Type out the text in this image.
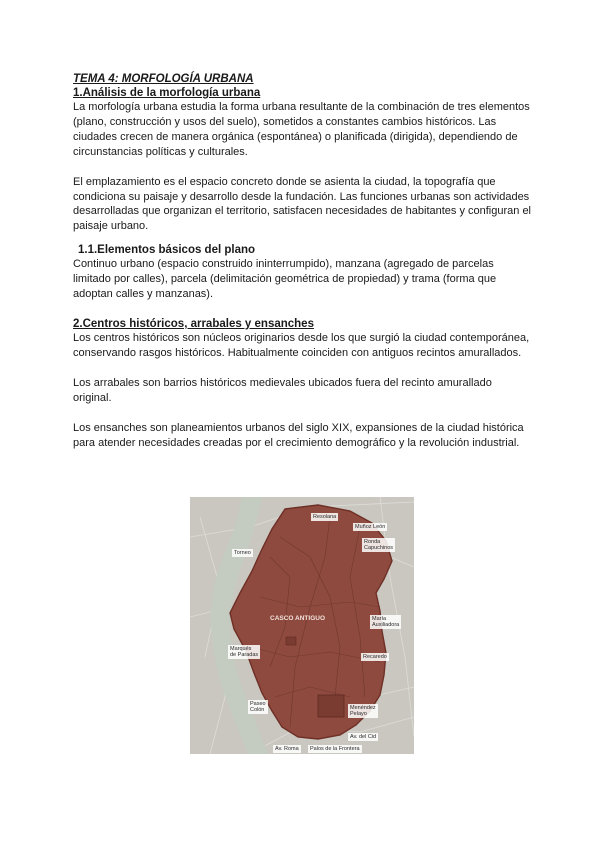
TEMA 4: MORFOLOGÍA URBANA
1.Análisis de la morfología urbana

La morfología urbana estudia la forma urbana resultante de la combinación de tres elementos (plano, construcción y usos del suelo), sometidos a constantes cambios históricos. Las ciudades crecen de manera orgánica (espontánea) o planificada (dirigida), dependiendo de circunstancias políticas y culturales.

El emplazamiento es el espacio concreto donde se asienta la ciudad, la topografía que condiciona su paisaje y desarrollo desde la fundación. Las funciones urbanas son actividades desarrolladas que organizan el territorio, satisfacen necesidades de habitantes y configuran el paisaje urbano.

1.1.Elementos básicos del plano

Continuo urbano (espacio construido ininterrumpido), manzana (agregado de parcelas limitado por calles), parcela (delimitación geométrica de propiedad) y trama (forma que adoptan calles y manzanas).

2.Centros históricos, arrabales y ensanches

Los centros históricos son núcleos originarios desde los que surgió la ciudad contemporánea, conservando rasgos históricos. Habitualmente coinciden con antiguos recintos amurallados.

Los arrabales son barrios históricos medievales ubicados fuera del recinto amurallado original.

Los ensanches son planeamientos urbanos del siglo XIX, expansiones de la ciudad histórica para atender necesidades creadas por el crecimiento demográfico y la revolución industrial.

Resolana
Muñoz León
Ronda
Capuchinos
Torneo
CASCO ANTIGUO	María
Auxiliadora
Marqués
de Paradas	Recaredo
Paseo
Colón	Menéndez
Pelayo
Av. del Cid
Av. Roma	Palos de la Frontera
